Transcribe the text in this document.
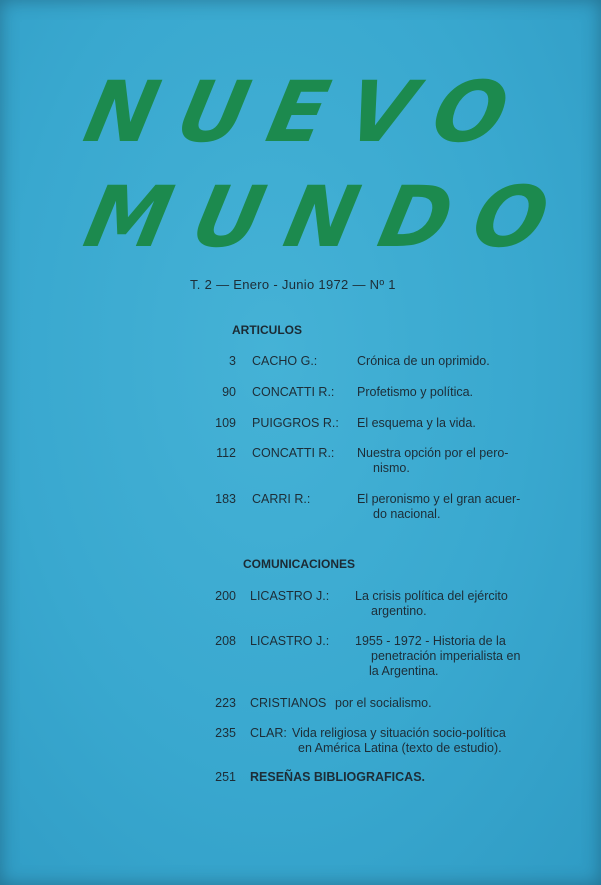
NUEVO
MUNDO
T. 2 — Enero - Junio 1972 — Nº 1
ARTICULOS
3 CACHO G.:	Crónica de un oprimido.
90 CONCATTI R.: Profetismo y política.
109 PUIGGROS R.: El esquema y la vida.
112 CONCATTI R.: Nuestra opción por el pero-
nismo.
183 CARRI R.:	El peronismo y el gran acuer-
do nacional.
COMUNICACIONES
200 LICASTRO J.: La crisis política del ejército
argentino.
208 LICASTRO J.: 1955 - 1972 - Historia de la
penetración imperialista en
la Argentina.
223 CRISTIANOS por el socialismo.
235 CLAR: Vida religiosa y situación socio-política
en América Latina (texto de estudio).
251 RESEÑAS BIBLIOGRAFICAS.
